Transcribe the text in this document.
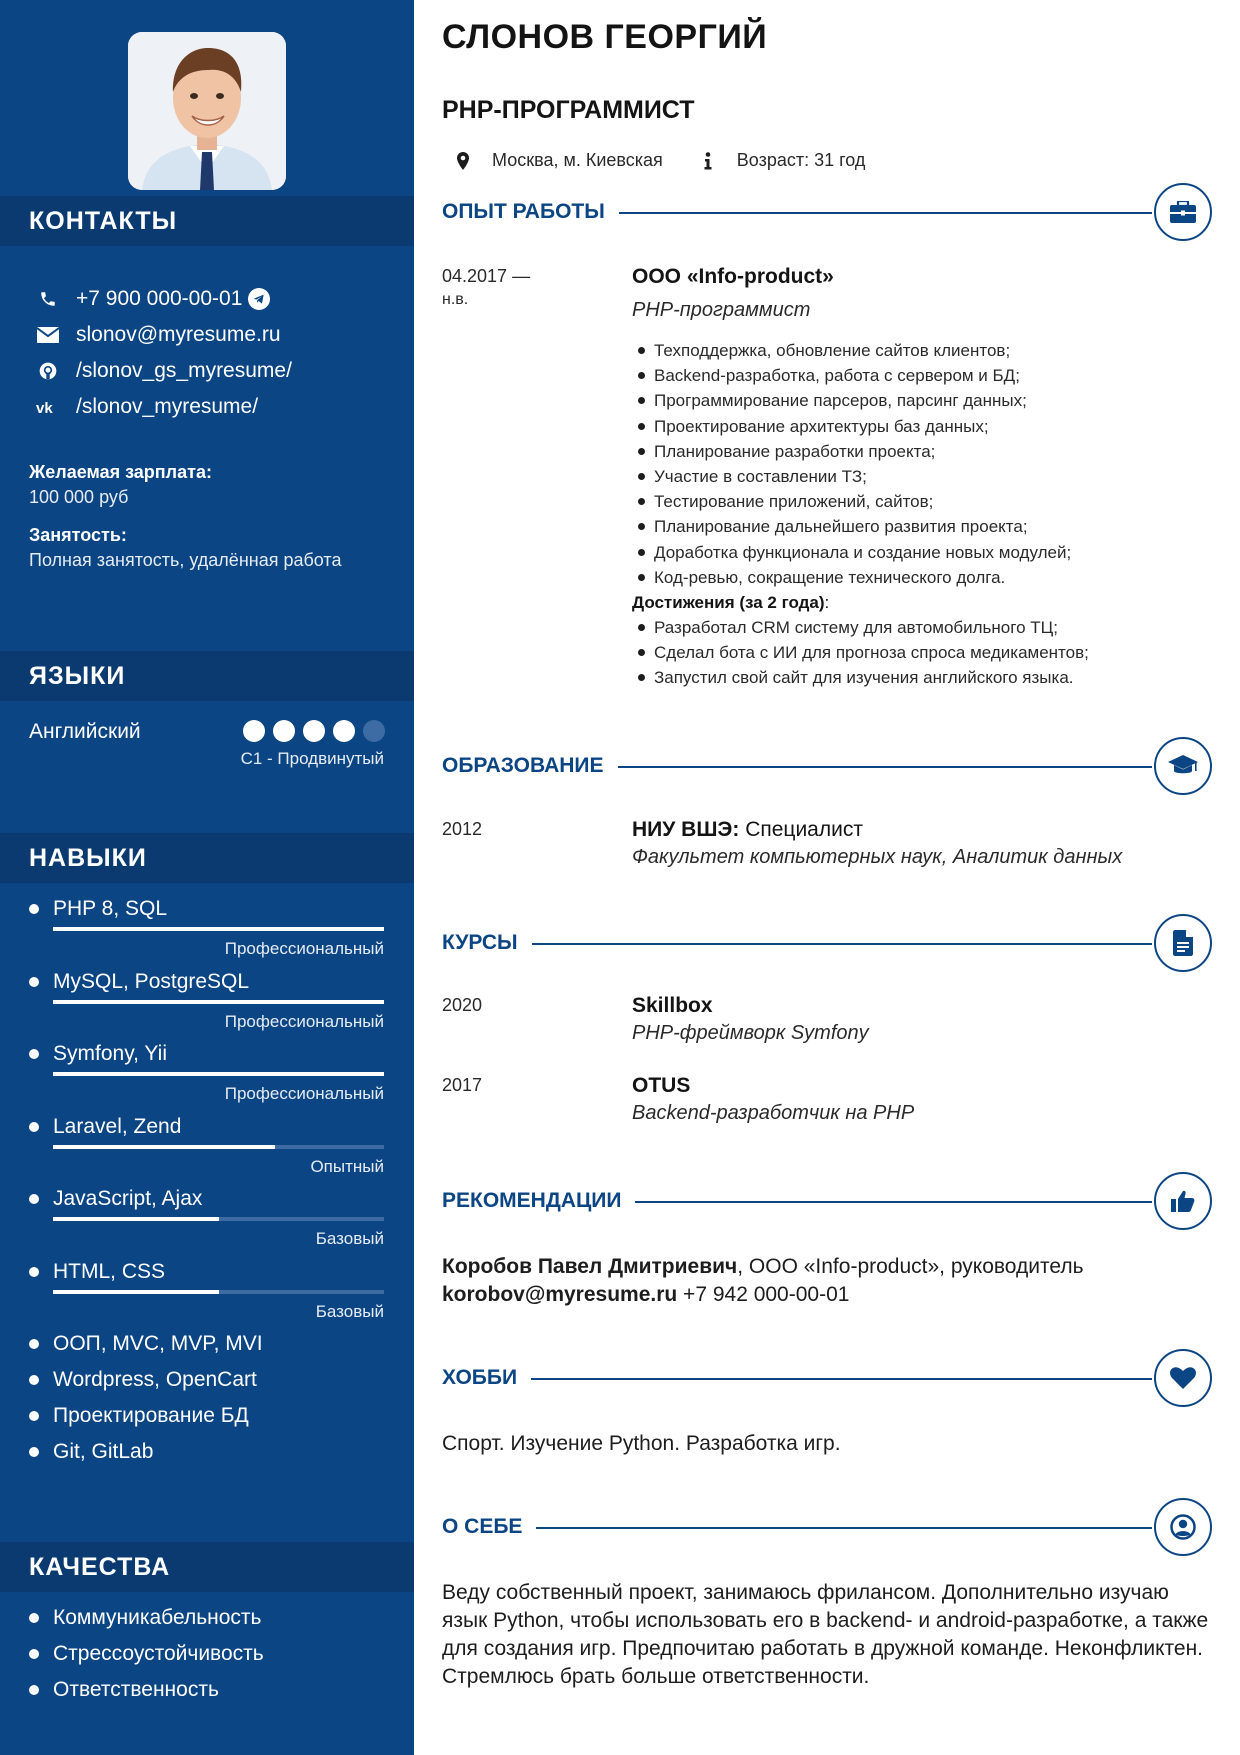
КОНТАКТЫ
+7 900 000-00-01
slonov@myresume.ru
/slonov_gs_myresume/
vk /slonov_myresume/
Желаемая зарплата:
100 000 руб
Занятость:
Полная занятость, удалённая работа
ЯЗЫКИ
Английский
C1 - Продвинутый
НАВЫКИ
PHP 8, SQL
Профессиональный
MySQL, PostgreSQL
Профессиональный
Symfony, Yii
Профессиональный
Laravel, Zend
Опытный
JavaScript, Ajax
Базовый
HTML, CSS
Базовый
ООП, MVC, MVP, MVI
Wordpress, OpenCart
Проектирование БД
Git, GitLab
КАЧЕСТВА
Коммуникабельность
Стрессоустойчивость
Ответственность
СЛОНОВ ГЕОРГИЙ
PHP-ПРОГРАММИСТ
Москва, м. Киевская	Возраст: 31 год
ОПЫТ РАБОТЫ
04.2017 —
н.в.
ООО «Info-product»
PHP-программист
Техподдержка, обновление сайтов клиентов;
Backend-разработка, работа с сервером и БД;
Программирование парсеров, парсинг данных;
Проектирование архитектуры баз данных;
Планирование разработки проекта;
Участие в составлении ТЗ;
Тестирование приложений, сайтов;
Планирование дальнейшего развития проекта;
Доработка функционала и создание новых модулей;
Код-ревью, сокращение технического долга.
Достижения (за 2 года):
Разработал CRM систему для автомобильного ТЦ;
Сделал бота с ИИ для прогноза спроса медикаментов;
Запустил свой сайт для изучения английского языка.
ОБРАЗОВАНИЕ
2012	НИУ ВШЭ: Специалист
Факультет компьютерных наук, Аналитик данных
КУРСЫ
2020	Skillbox
PHP-фреймворк Symfony
2017	OTUS
Backend-разработчик на PHP
РЕКОМЕНДАЦИИ
Коробов Павел Дмитриевич, ООО «Info-product», руководитель
korobov@myresume.ru +7 942 000-00-01
ХОББИ
Спорт. Изучение Python. Разработка игр.
О СЕБЕ
Веду собственный проект, занимаюсь фрилансом. Дополнительно изучаю язык Python, чтобы использовать его в backend- и android-разработке, а также для создания игр. Предпочитаю работать в дружной команде. Неконфликтен. Стремлюсь брать больше ответственности.
